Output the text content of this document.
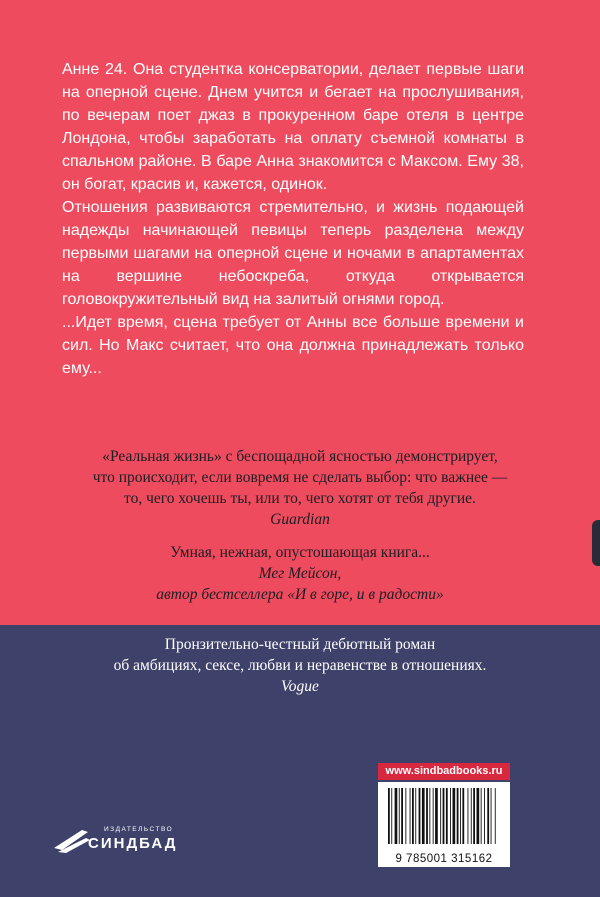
Анне 24. Она студентка консерватории, делает первые шаги на оперной сцене. Днем учится и бегает на прослушивания, по вечерам поет джаз в прокуренном баре отеля в центре Лондона, чтобы заработать на оплату съемной комнаты в спальном районе. В баре Анна знакомится с Максом. Ему 38, он богат, красив и, кажется, одинок.

Отношения развиваются стремительно, и жизнь подающей надежды начинающей певицы теперь разделена между первыми шагами на оперной сцене и ночами в апартаментах на вершине небоскреба, откуда открывается головокружительный вид на залитый огнями город.

...Идет время, сцена требует от Анны все больше времени и сил. Но Макс считает, что она должна принадлежать только ему...

«Реальная жизнь» с беспощадной ясностью демонстрирует,
что происходит, если вовремя не сделать выбор: что важнее —
то, чего хочешь ты, или то, чего хотят от тебя другие.
Guardian
Умная, нежная, опустошающая книга...
Мег Мейсон,
автор бестселлера «И в горе, и в радости»
Пронзительно-честный дебютный роман
об амбициях, сексе, любви и неравенстве в отношениях.
Vogue
ИЗДАТЕЛЬСТВО
СИНДБАД
www.sindbadbooks.ru
9 785001 315162
